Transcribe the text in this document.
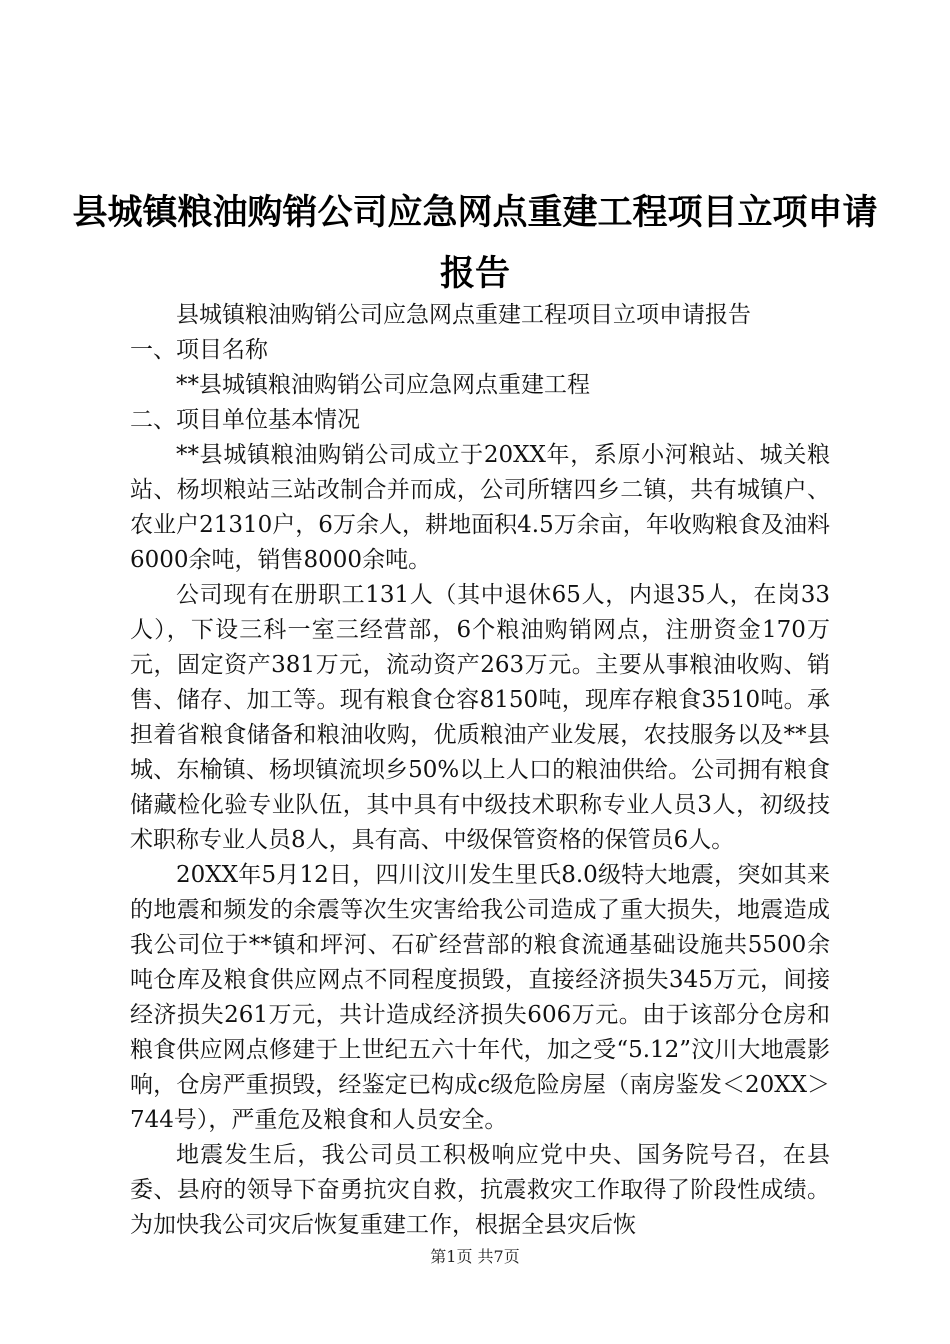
县城镇粮油购销公司应急网点重建工程项目立项申请报告

县城镇粮油购销公司应急网点重建工程项目立项申请报告

一、项目名称

**县城镇粮油购销公司应急网点重建工程

二、项目单位基本情况

**县城镇粮油购销公司成立于20XX年，系原小河粮站、城关粮站、杨坝粮站三站改制合并而成，公司所辖四乡二镇，共有城镇户、农业户21310户，6万余人，耕地面积4.5万余亩，年收购粮食及油料6000余吨，销售8000余吨。

公司现有在册职工131人（其中退休65人，内退35人，在岗33人），下设三科一室三经营部，6个粮油购销网点，注册资金170万元，固定资产381万元，流动资产263万元。主要从事粮油收购、销售、储存、加工等。现有粮食仓容8150吨，现库存粮食3510吨。承担着省粮食储备和粮油收购，优质粮油产业发展，农技服务以及**县城、东榆镇、杨坝镇流坝乡50%以上人口的粮油供给。公司拥有粮食储藏检化验专业队伍，其中具有中级技术职称专业人员3人，初级技术职称专业人员8人，具有高、中级保管资格的保管员6人。

20XX年5月12日，四川汶川发生里氏8.0级特大地震，突如其来的地震和频发的余震等次生灾害给我公司造成了重大损失，地震造成我公司位于**镇和坪河、石矿经营部的粮食流通基础设施共5500余吨仓库及粮食供应网点不同程度损毁，直接经济损失345万元，间接经济损失261万元，共计造成经济损失606万元。由于该部分仓房和粮食供应网点修建于上世纪五六十年代，加之受“5.12”汶川大地震影响，仓房严重损毁，经鉴定已构成c级危险房屋（南房鉴发＜20XX＞744号），严重危及粮食和人员安全。

地震发生后，我公司员工积极响应党中央、国务院号召，在县委、县府的领导下奋勇抗灾自救，抗震救灾工作取得了阶段性成绩。为加快我公司灾后恢复重建工作，根据全县灾后恢

第1页 共7页
